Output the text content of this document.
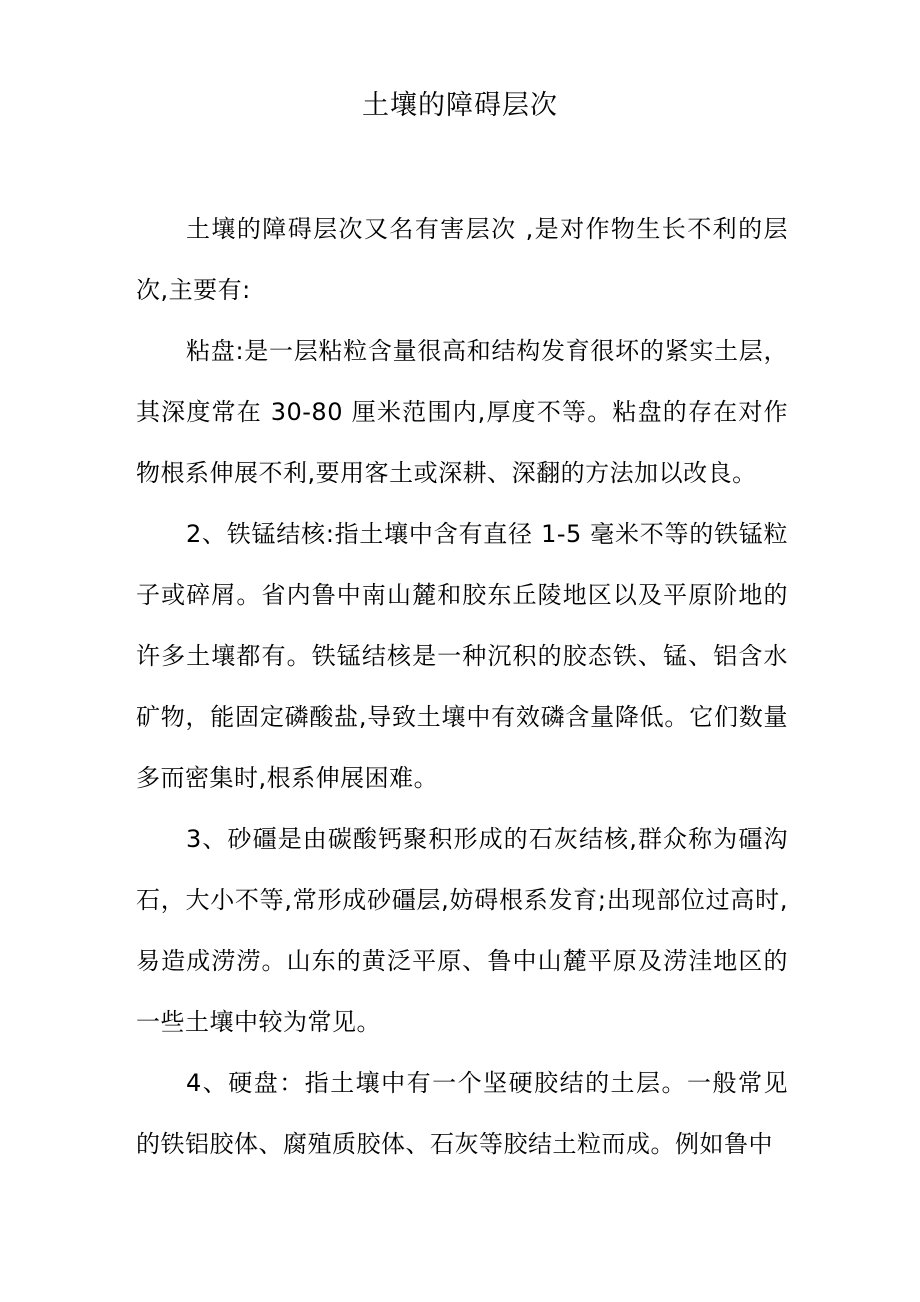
土壤的障碍层次

土壤的障碍层次又名有害层次 ,是对作物生长不利的层次,主要有:

粘盘:是一层粘粒含量很高和结构发育很坏的紧实土层，其深度常在 30-80 厘米范围内,厚度不等。粘盘的存在对作物根系伸展不利,要用客土或深耕、深翻的方法加以改良。

2、铁锰结核:指土壤中含有直径 1-5 毫米不等的铁锰粒子或碎屑。省内鲁中南山麓和胶东丘陵地区以及平原阶地的许多土壤都有。铁锰结核是一种沉积的胶态铁、锰、铝含水矿物，能固定磷酸盐,导致土壤中有效磷含量降低。它们数量多而密集时,根系伸展困难。

3、砂礓是由碳酸钙聚积形成的石灰结核,群众称为礓沟石，大小不等,常形成砂礓层,妨碍根系发育;出现部位过高时,易造成涝涝。山东的黄泛平原、鲁中山麓平原及涝洼地区的一些土壤中较为常见。

4、硬盘：指土壤中有一个坚硬胶结的土层。一般常见的铁铝胶体、腐殖质胶体、石灰等胶结土粒而成。例如鲁中
